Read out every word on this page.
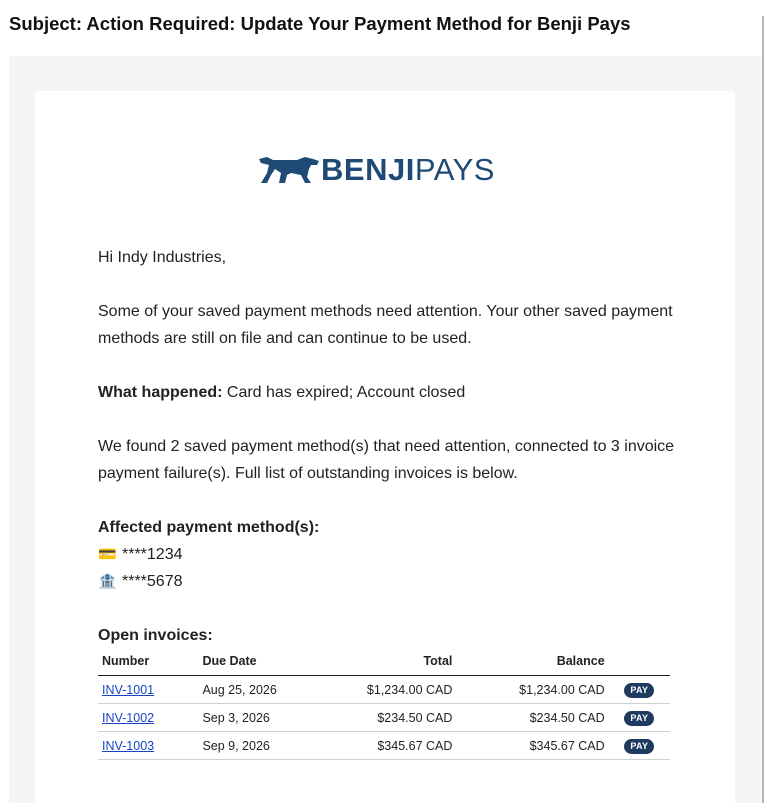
Subject: Action Required: Update Your Payment Method for Benji Pays
BENJIPAYS

Hi Indy Industries,

Some of your saved payment methods need attention. Your other saved payment methods are still on file and can continue to be used.

What happened: Card has expired; Account closed

We found 2 saved payment method(s) that need attention, connected to 3 invoice payment failure(s). Full list of outstanding invoices is below.

Affected payment method(s):

💳 ****1234
🏦 ****5678

Open invoices:

Number	Due Date	Total	Balance	
INV-1001	Aug 25, 2026	$1,234.00 CAD	$1,234.00 CAD	PAY
INV-1002	Sep 3, 2026	$234.50 CAD	$234.50 CAD	PAY
INV-1003	Sep 9, 2026	$345.67 CAD	$345.67 CAD	PAY
